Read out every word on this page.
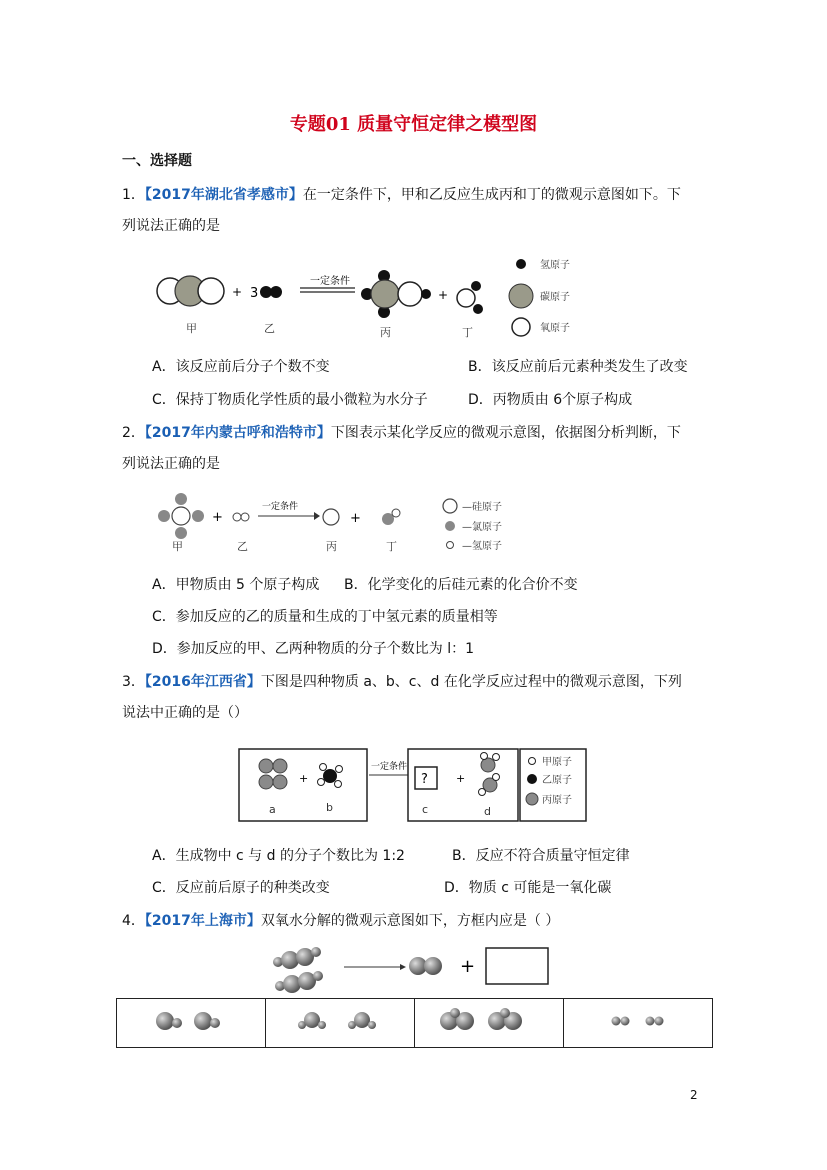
专题01 质量守恒定律之模型图
一、选择题
1．【2017年湖北省孝感市】在一定条件下，甲和乙反应生成丙和丁的微观示意图如下。下
列说法正确的是
+ 3
一定条件
+
甲	乙	丙	丁
氢原子
碳原子
氧原子
A．该反应前后分子个数不变	B．该反应前后元素种类发生了改变
C．保持丁物质化学性质的最小微粒为水分子	D．丙物质由 6个原子构成
2．【2017年内蒙古呼和浩特市】下图表示某化学反应的微观示意图，依据图分析判断，下
列说法正确的是
+
一定条件
+
甲	乙	丙	丁
—硅原子
—氯原子
—氢原子
A．甲物质由 5 个原子构成 B．化学变化的后硅元素的化合价不变
C．参加反应的乙的质量和生成的丁中氢元素的质量相等
D．参加反应的甲、乙两种物质的分子个数比为 l：1
3．【2016年江西省】下图是四种物质 a、b、c、d 在化学反应过程中的微观示意图，下列
说法中正确的是（）
+
a	b
一定条件
?	+
c	d
甲原子
乙原子
丙原子
A．生成物中 c 与 d 的分子个数比为 1:2	B．反应不符合质量守恒定律
C．反应前后原子的种类改变	D．物质 c 可能是一氧化碳
4．【2017年上海市】双氧水分解的微观示意图如下，方框内应是（ ）
+

2
